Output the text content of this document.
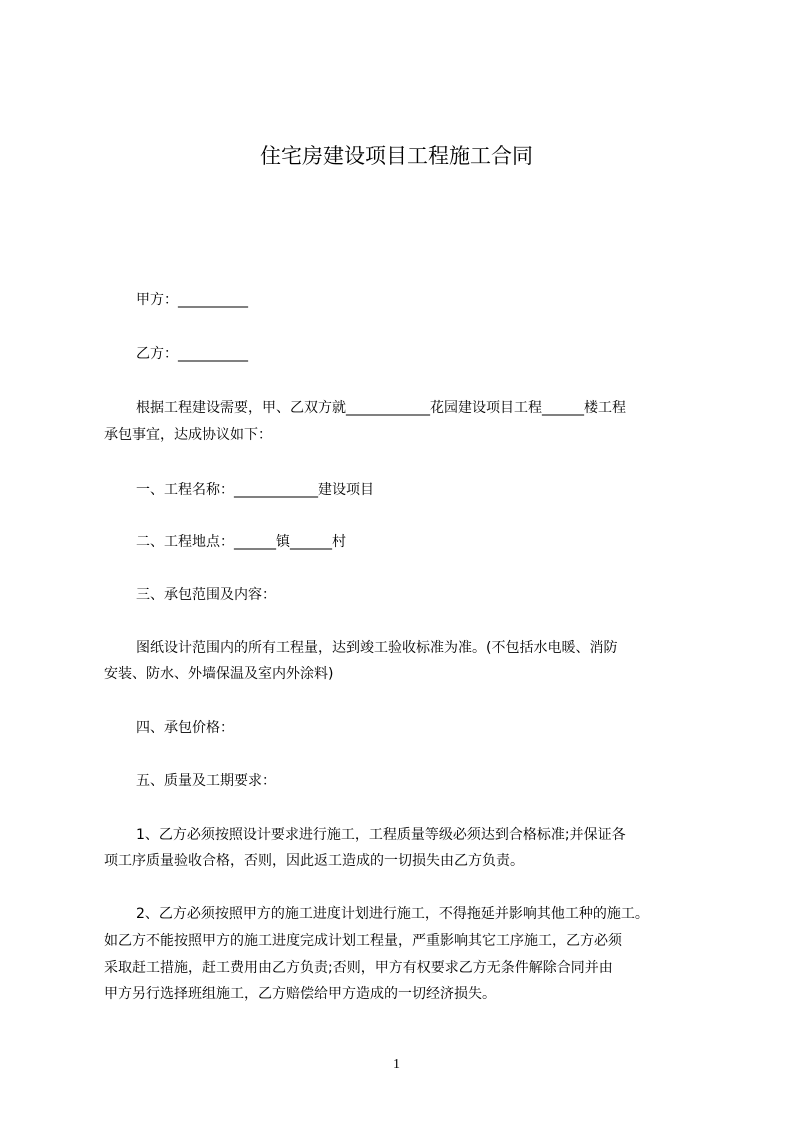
住宅房建设项目工程施工合同
甲方：__________
乙方：__________
根据工程建设需要，甲、乙双方就____________花园建设项目工程______楼工程
承包事宜，达成协议如下：
一、工程名称：____________建设项目
二、工程地点：______镇______村
三、承包范围及内容：
图纸设计范围内的所有工程量，达到竣工验收标准为准。(不包括水电暖、消防
安装、防水、外墙保温及室内外涂料)
四、承包价格：
五、质量及工期要求：
1、乙方必须按照设计要求进行施工，工程质量等级必须达到合格标准;并保证各
项工序质量验收合格，否则，因此返工造成的一切损失由乙方负责。
2、乙方必须按照甲方的施工进度计划进行施工，不得拖延并影响其他工种的施工。
如乙方不能按照甲方的施工进度完成计划工程量，严重影响其它工序施工，乙方必须
采取赶工措施，赶工费用由乙方负责;否则，甲方有权要求乙方无条件解除合同并由
甲方另行选择班组施工，乙方赔偿给甲方造成的一切经济损失。
1
